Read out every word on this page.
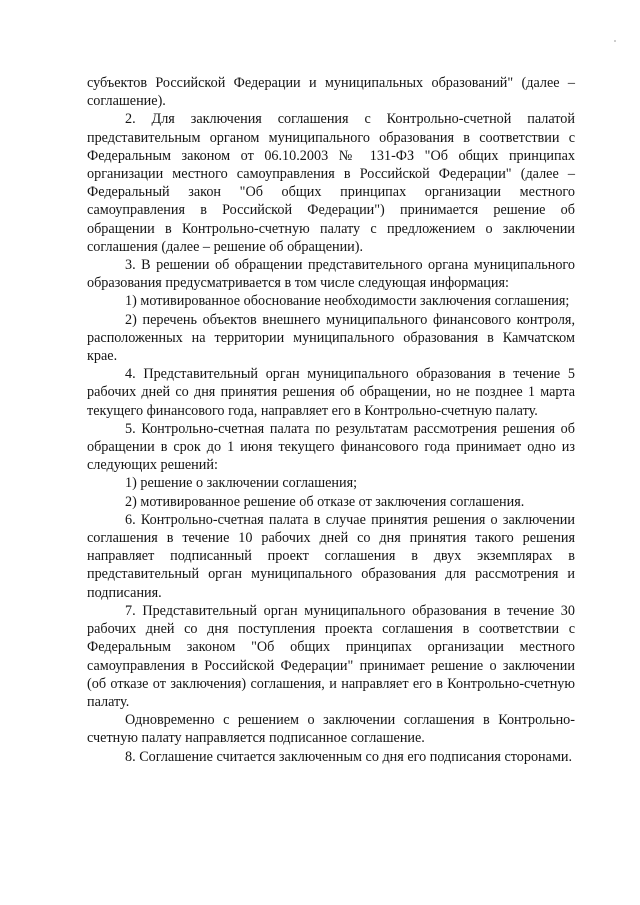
субъектов Российской Федерации и муниципальных образований" (далее – соглашение).

2. Для заключения соглашения с Контрольно-счетной палатой представительным органом муниципального образования в соответствии с Федеральным законом от 06.10.2003 № 131-ФЗ "Об общих принципах организации местного самоуправления в Российской Федерации" (далее – Федеральный закон "Об общих принципах организации местного самоуправления в Российской Федерации") принимается решение об обращении в Контрольно-счетную палату с предложением о заключении соглашения (далее – решение об обращении).

3. В решении об обращении представительного органа муниципального образования предусматривается в том числе следующая информация:

1) мотивированное обоснование необходимости заключения соглашения;

2) перечень объектов внешнего муниципального финансового контроля, расположенных на территории муниципального образования в Камчатском крае.

4. Представительный орган муниципального образования в течение 5 рабочих дней со дня принятия решения об обращении, но не позднее 1 марта текущего финансового года, направляет его в Контрольно-счетную палату.

5. Контрольно-счетная палата по результатам рассмотрения решения об обращении в срок до 1 июня текущего финансового года принимает одно из следующих решений:

1) решение о заключении соглашения;

2) мотивированное решение об отказе от заключения соглашения.

6. Контрольно-счетная палата в случае принятия решения о заключении соглашения в течение 10 рабочих дней со дня принятия такого решения направляет подписанный проект соглашения в двух экземплярах в представительный орган муниципального образования для рассмотрения и подписания.

7. Представительный орган муниципального образования в течение 30 рабочих дней со дня поступления проекта соглашения в соответствии с Федеральным законом "Об общих принципах организации местного самоуправления в Российской Федерации" принимает решение о заключении (об отказе от заключения) соглашения, и направляет его в Контрольно-счетную палату.

Одновременно с решением о заключении соглашения в Контрольно-счетную палату направляется подписанное соглашение.

8. Соглашение считается заключенным со дня его подписания сторонами.
